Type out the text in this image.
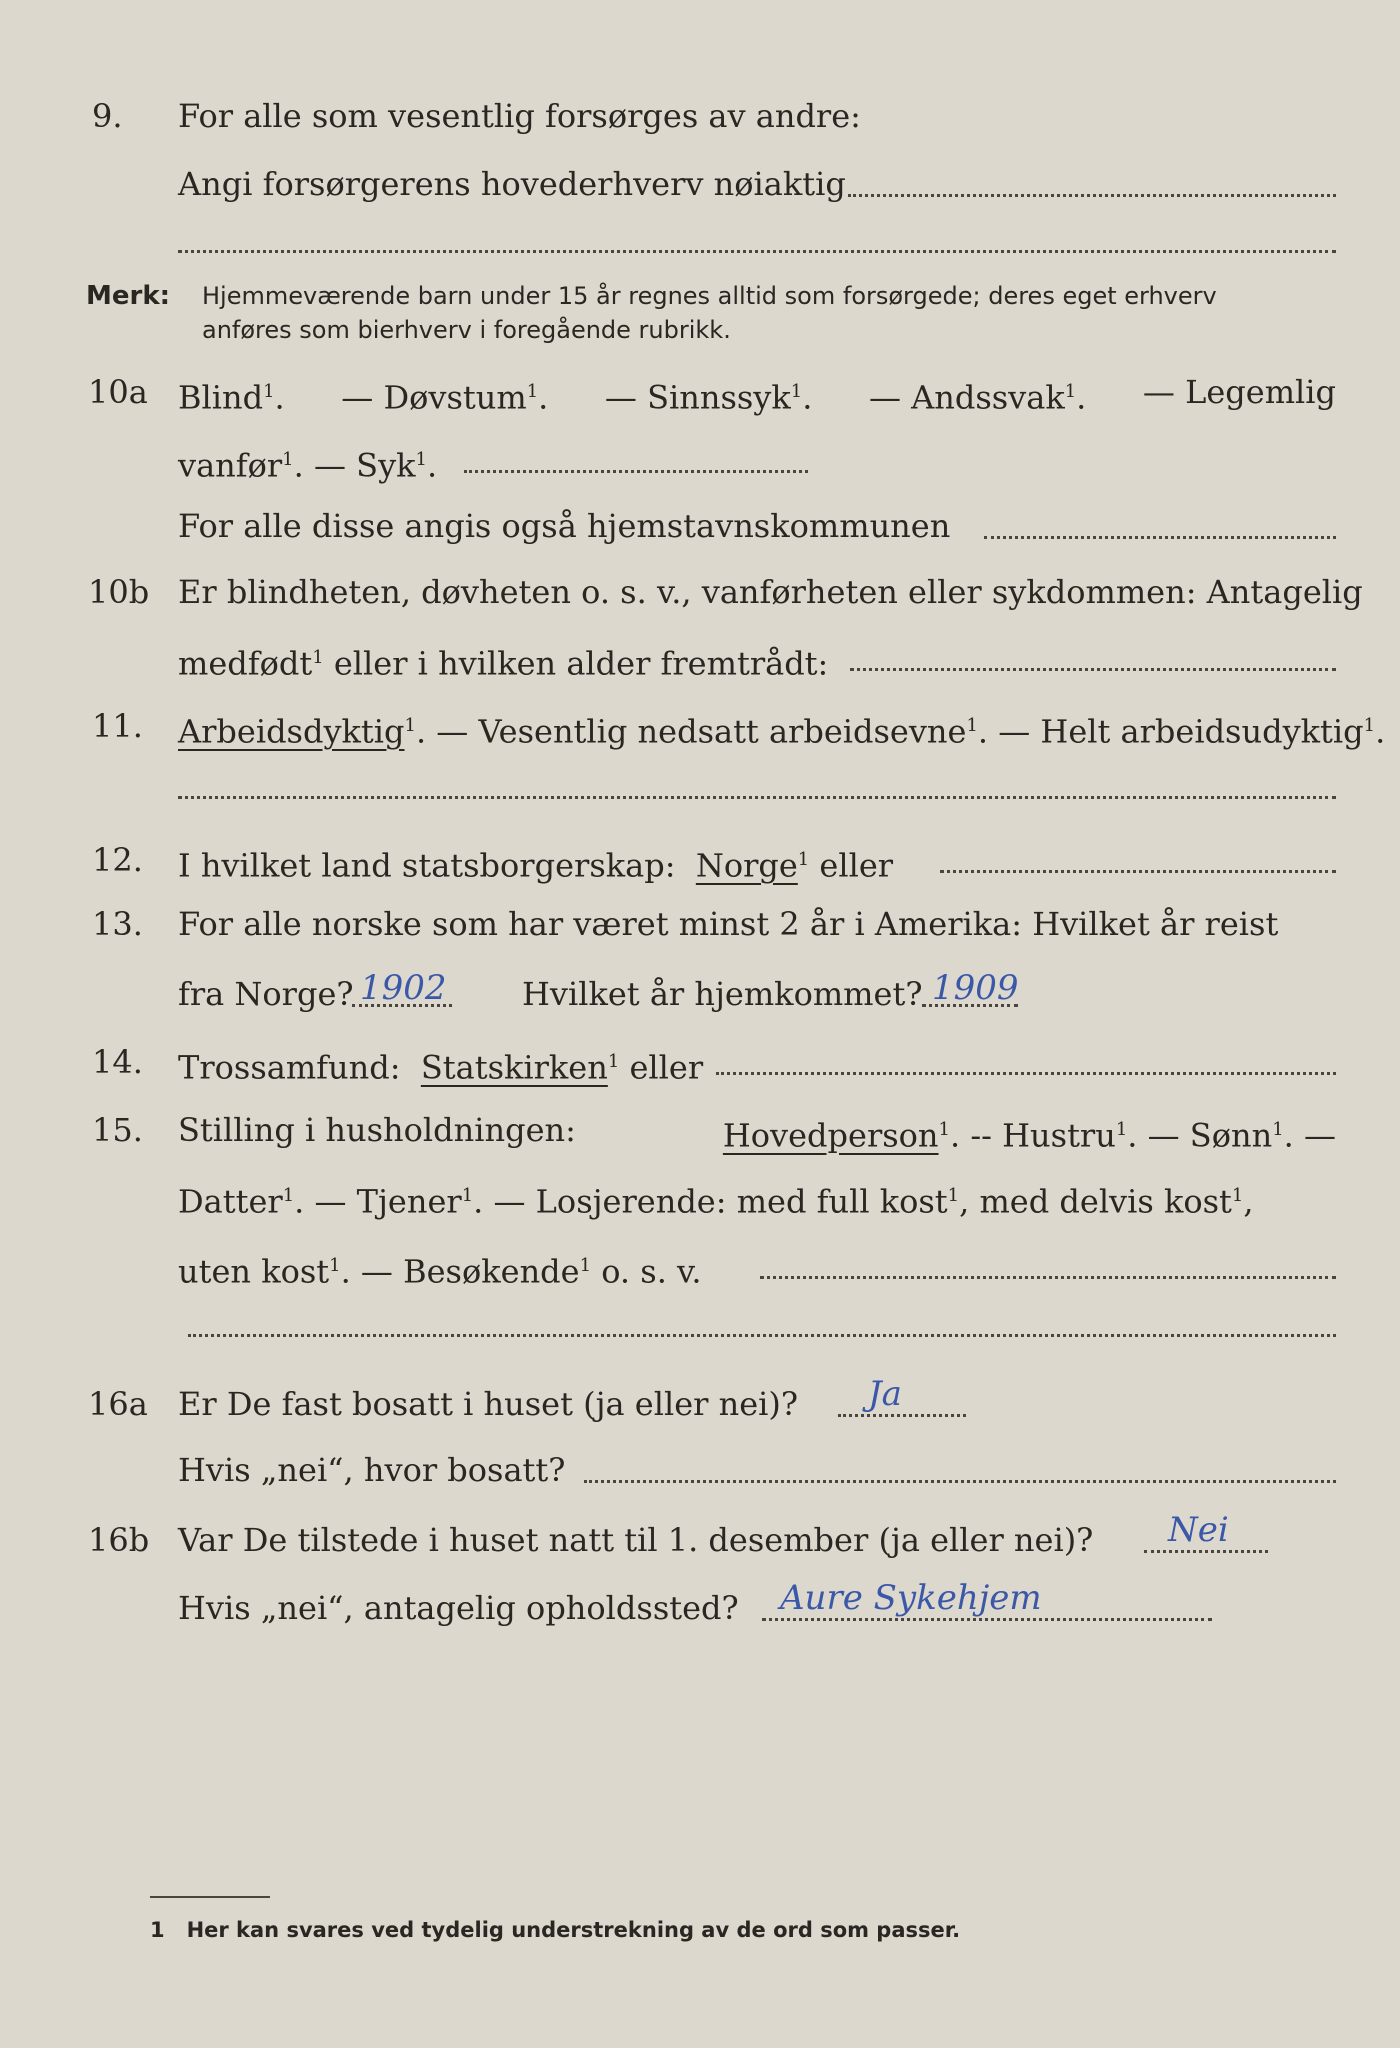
9. For alle som vesentlig forsørges av andre:
Angi forsørgerens hovederhverv nøiaktig
Merk: Hjemmeværende barn under 15 år regnes alltid som forsørgede; deres eget erhverv
anføres som bierhverv i foregående rubrikk.
10a Blind$^1$. — Døvstum$^1$. — Sinnssyk$^1$. — Andssvak$^1$. — Legemlig
vanfør$^1$. — Syk$^1$.
For alle disse angis også hjemstavnskommunen
10b Er blindheten, døvheten o. s. v., vanførheten eller sykdommen: Antagelig
medfødt$^1$ eller i hvilken alder fremtrådt:
11. Arbeidsdyktig$^1$. — Vesentlig nedsatt arbeidsevne$^1$. — Helt arbeidsudyktig$^1$.
12. I hvilket land statsborgerskap: Norge$^1$ eller
13. For alle norske som har været minst 2 år i Amerika: Hvilket år reist
fra Norge? 1902 Hvilket år hjemkommet? 1909
14. Trossamfund: Statskirken$^1$ eller
15. Stilling i husholdningen:	Hovedperson$^1$. -- Hustru$^1$. — Sønn$^1$. —
Datter$^1$. — Tjener$^1$. — Losjerende: med full kost$^1$, med delvis kost$^1$,
uten kost$^1$. — Besøkende$^1$ o. s. v.
16a Er De fast bosatt i huset (ja eller nei)? Ja
Hvis „nei“, hvor bosatt?
16b Var De tilstede i huset natt til 1. desember (ja eller nei)? Nei
Hvis „nei“, antagelig opholdssted? Aure Sykehjem
1 Her kan svares ved tydelig understrekning av de ord som passer.
